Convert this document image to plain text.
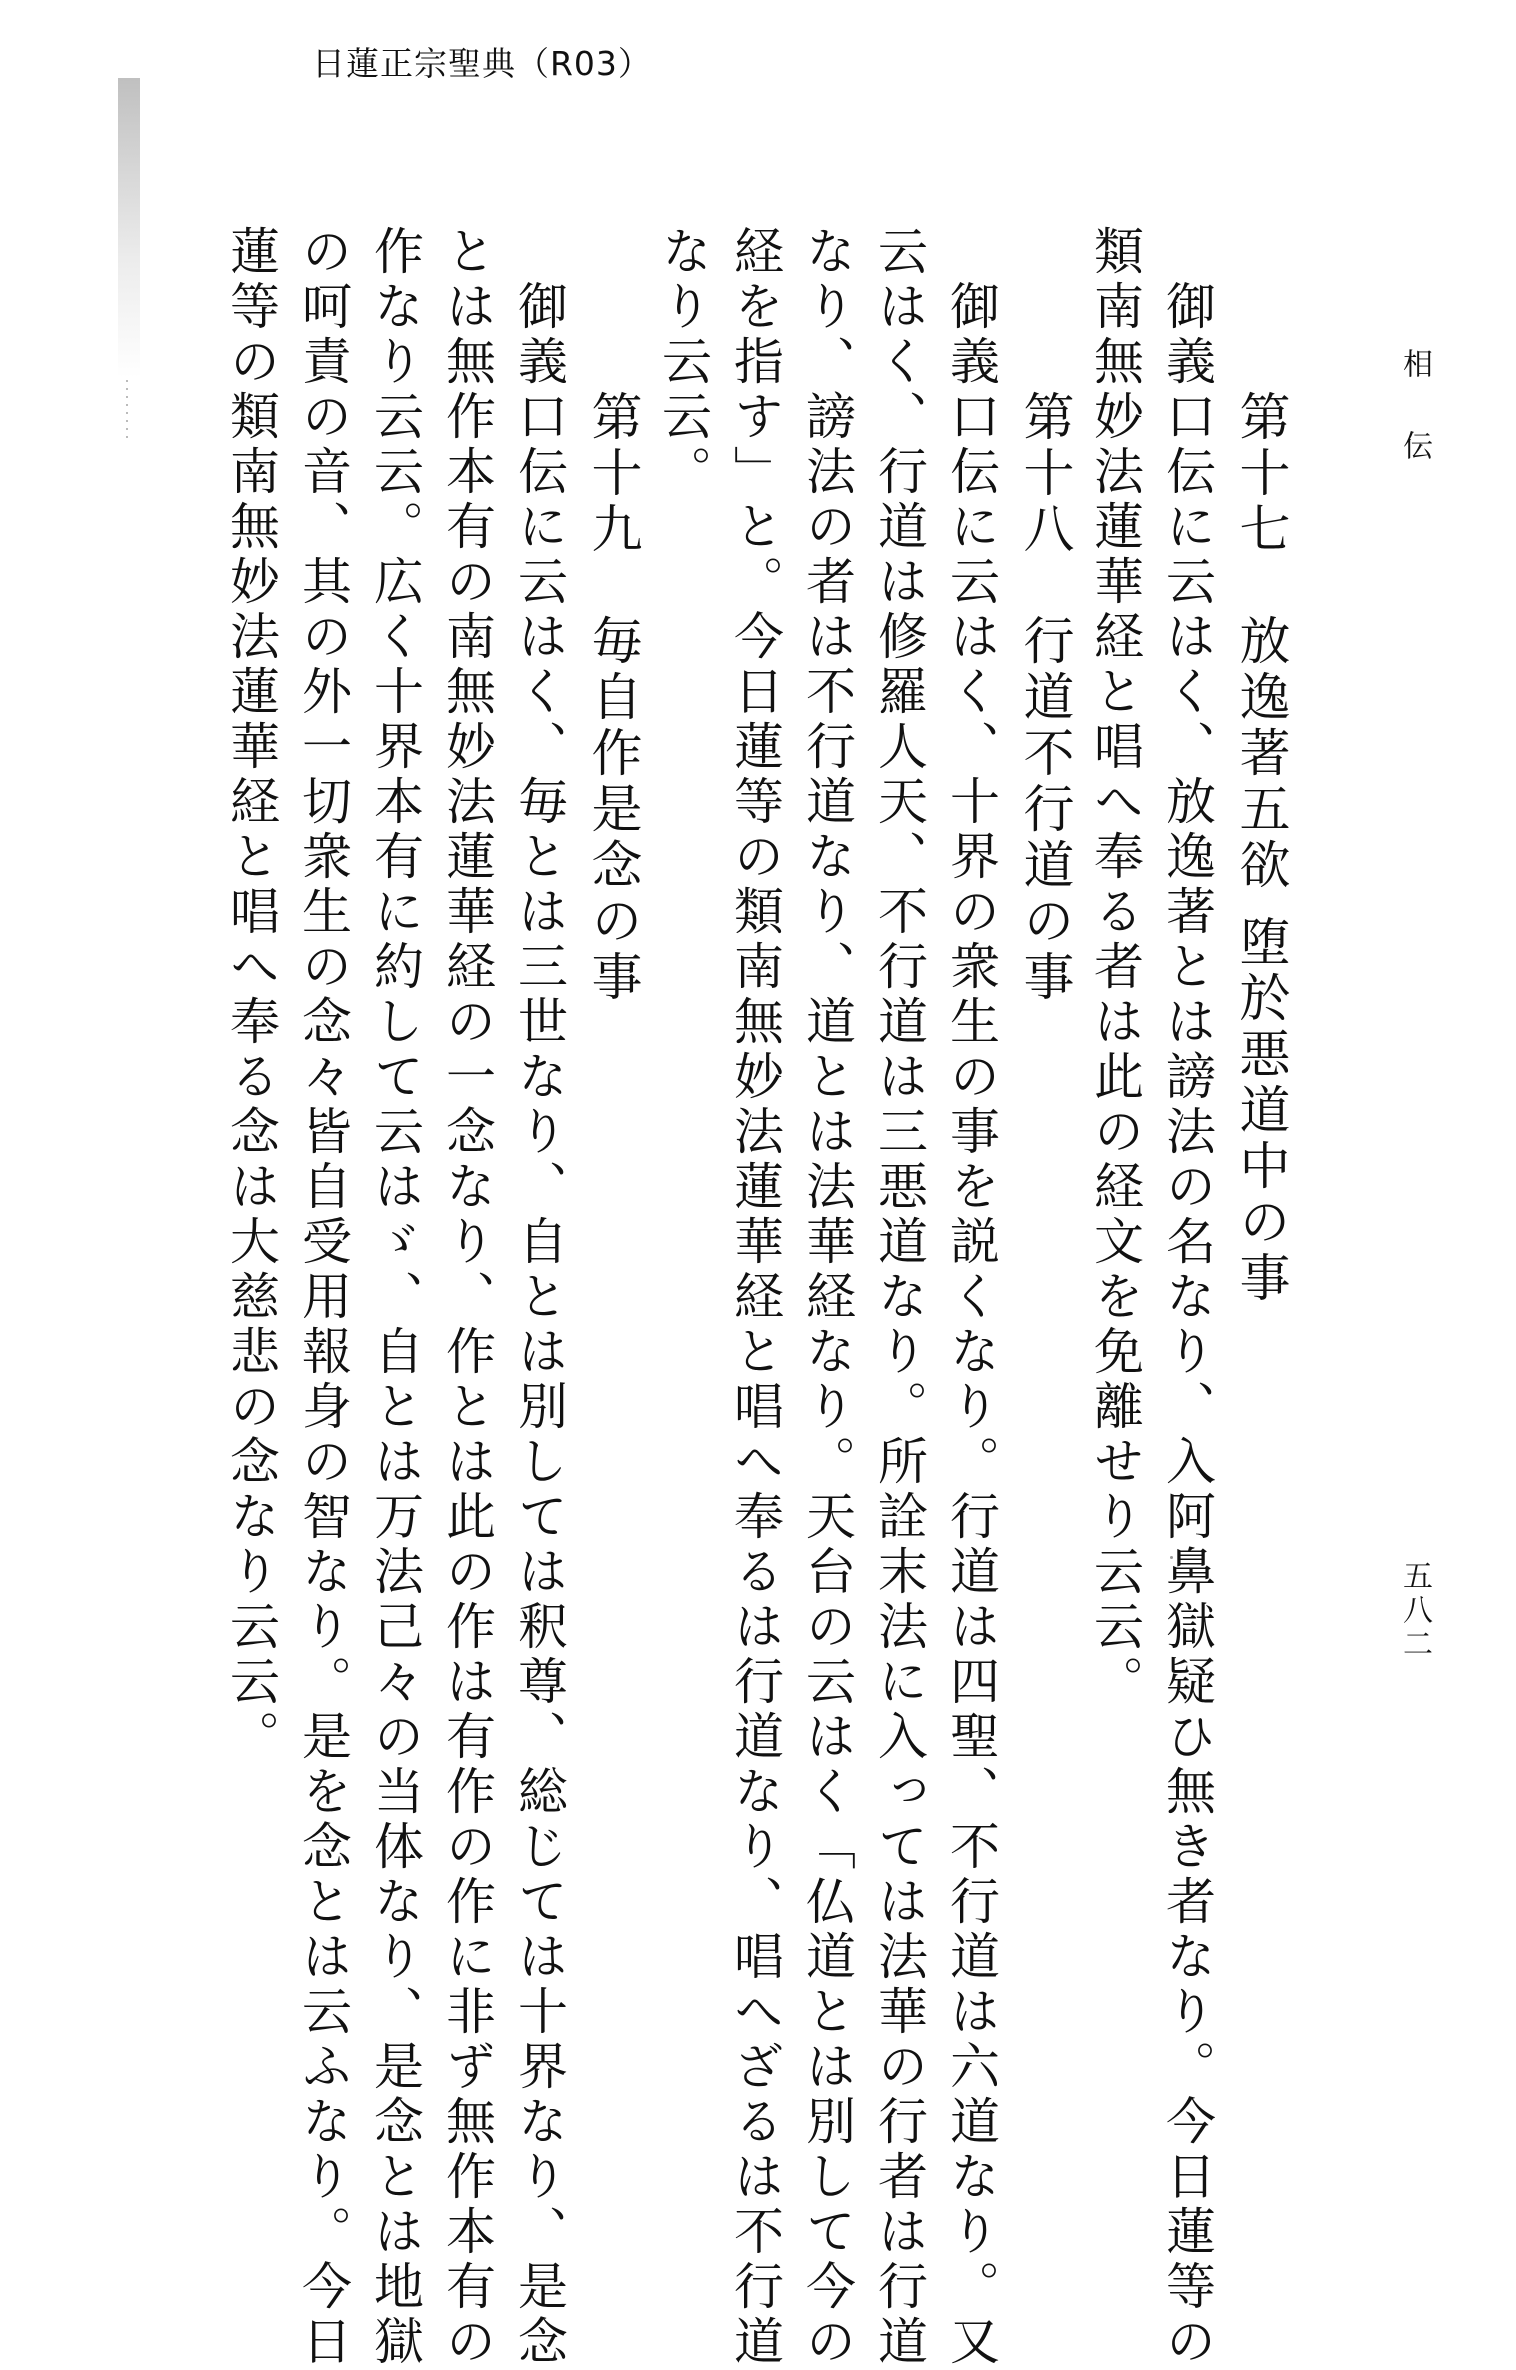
日蓮正宗聖典（R03）
相伝
五八二
第十七　放逸著五欲 堕於悪道中の事
御義口伝に云はく、放逸著とは謗法の名なり、入阿鼻獄疑ひ無き者なり。今日蓮等の
類南無妙法蓮華経と唱へ奉る者は此の経文を免離せり云云。
第十八　行道不行道の事
御義口伝に云はく、十界の衆生の事を説くなり。行道は四聖、不行道は六道なり。又
云はく、行道は修羅人天、不行道は三悪道なり。所詮末法に入っては法華の行者は行道
なり、謗法の者は不行道なり、道とは法華経なり。天台の云はく「仏道とは別して今の
経を指す」と。今日蓮等の類南無妙法蓮華経と唱へ奉るは行道なり、唱へざるは不行道
なり云云。
第十九　毎自作是念の事
御義口伝に云はく、毎とは三世なり、自とは別しては釈尊、総じては十界なり、是念
とは無作本有の南無妙法蓮華経の一念なり、作とは此の作は有作の作に非ず無作本有の
作なり云云。広く十界本有に約して云はゞ、自とは万法己々の当体なり、是念とは地獄
の呵責の音、其の外一切衆生の念々皆自受用報身の智なり。是を念とは云ふなり。今日
蓮等の類南無妙法蓮華経と唱へ奉る念は大慈悲の念なり云云。
